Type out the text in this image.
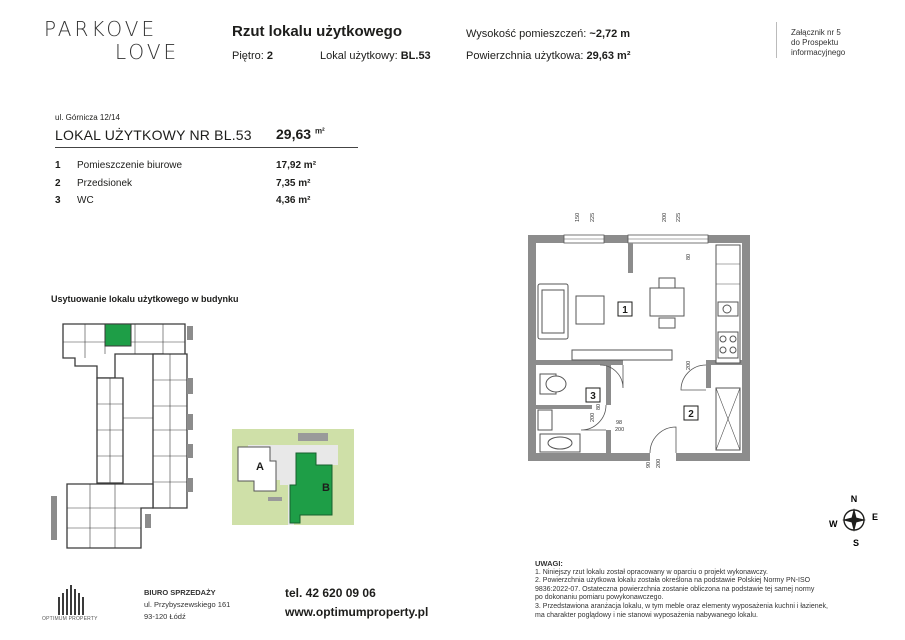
PARKOVE
LOVE
Rzut lokalu użytkowego
Piętro: 2	Lokal użytkowy: BL.53
Wysokość pomieszczeń: ~2,72 m
Powierzchnia użytkowa: 29,63 m²
Załącznik nr 5
do Prospektu
informacyjnego
ul. Górnicza 12/14
LOKAL UŻYTKOWY NR BL.53 29,63 $^{m^2}$
1 Pomieszczenie biurowe	17,92 m²
2 Przedsionek	7,35 m²
3 WC	4,36 m²
Usytuowanie lokalu użytkowego w budynku
A
B
1
2
3
150 225	200 225
80
200
80
200
98
200
90 200
N
S
E
W
UWAGI:
1. Niniejszy rzut lokalu został opracowany w oparciu o projekt wykonawczy.
2. Powierzchnia użytkowa lokalu została określona na podstawie Polskiej Normy PN-ISO
9836:2022-07. Ostateczna powierzchnia zostanie obliczona na podstawie tej samej normy
po dokonaniu pomiaru powykonawczego.
3. Przedstawiona aranżacja lokalu, w tym meble oraz elementy wyposażenia kuchni i łazienek,
ma charakter poglądowy i nie stanowi wyposażenia nabywanego lokalu.
OPTIMUM PROPERTY
BIURO SPRZEDAŻY
ul. Przybyszewskiego 161
93-120 Łódź
tel. 42 620 09 06
www.optimumproperty.pl
